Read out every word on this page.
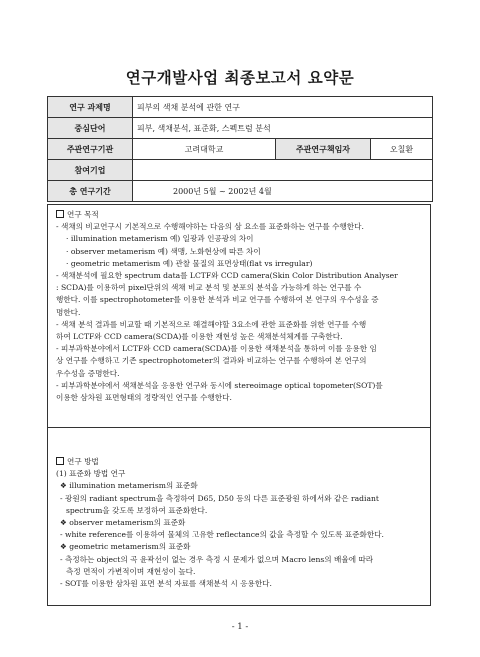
연구개발사업 최종보고서 요약문
연구 과제명	피부의 색채 분석에 관한 연구		
중심단어	피부, 색채분석, 표준화, 스펙트럼 분석		
주관연구기관	고려대학교	주관연구책임자	오칠환
참여기업			
총 연구기간	2000년 5월 ~ 2002년 4월		

연구 목적

- 색채의 비교연구시 기본적으로 수행해야하는 다음의 삼 요소를 표준화하는 연구를 수행한다.

· illumination metamerism 예) 일광과 인공광의 차이

· observer metamerism 예) 색맹, 노화현상에 따른 차이

· geometric metamerism 예) 관찰 물질의 표면상태(flat vs irregular)

- 색채분석에 필요한 spectrum data를 LCTF와 CCD camera(Skin Color Distribution Analyser

: SCDA)를 이용하여 pixel단위의 색채 비교 분석 및 분포의 분석을 가능하게 하는 연구를 수

행한다. 이를 spectrophotometer를 이용한 분석과 비교 연구를 수행하여 본 연구의 우수성을 증

명한다.

- 색채 분석 결과를 비교할 때 기본적으로 해결해야할 3요소에 관한 표준화를 위한 연구를 수행

하여 LCTF와 CCD camera(SCDA)를 이용한 재현성 높은 색채분석체계를 구축한다.

- 피부과학분야에서 LCTF와 CCD camera(SCDA)를 이용한 색채분석을 통하여 이를 응용한 임

상 연구를 수행하고 기존 spectrophotometer의 결과와 비교하는 연구를 수행하여 본 연구의

우수성을 증명한다.

- 피부과학분야에서 색채분석을 응용한 연구와 동시에 stereoimage optical topometer(SOT)를

이용한 삼차원 표면형태의 정량적인 연구를 수행한다.

연구 방법

(1) 표준화 방법 연구

❖ illumination metamerism의 표준화

- 광원의 radiant spectrum을 측정하여 D65, D50 등의 다른 표준광원 하에서와 같은 radiant

spectrum을 갖도록 보정하여 표준화한다.

❖ observer metamerism의 표준화

- white reference를 이용하여 물체의 고유한 reflectance의 값을 측정할 수 있도록 표준화한다.

❖ geometric metamerism의 표준화

- 측정하는 object의 곡 윤곽선이 없는 경우 측정 시 문제가 없으며 Macro lens의 배율에 따라

측정 면적이 가변적이며 재현성이 높다.

- SOT를 이용한 삼차원 표면 분석 자료를 색채분석 시 응용한다.

- 1 -
